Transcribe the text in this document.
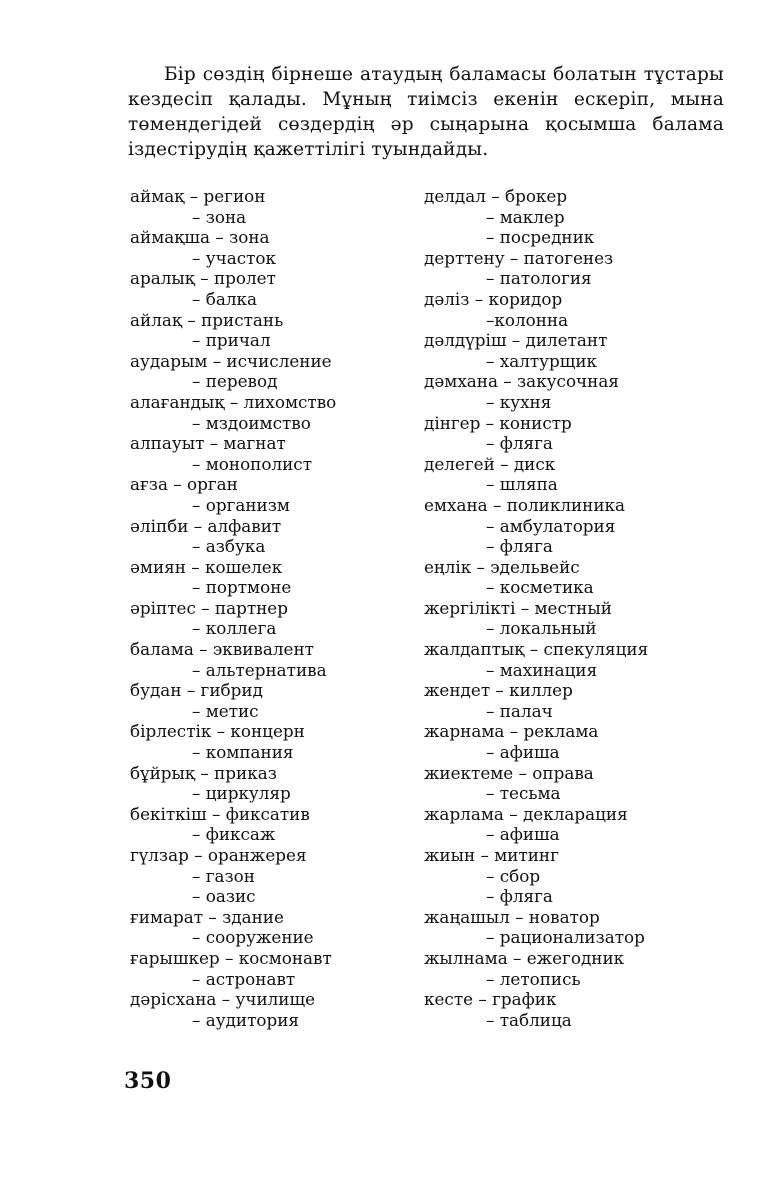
Бір сөздің бірнеше атаудың баламасы болатын тұстары кездесіп қалады. Мұның тиімсіз екенін ескеріп, мына төмендегідей сөздердің әр сыңарына қосымша балама іздестірудің қажеттілігі туындайды.

аймақ – регион
– зона
аймақша – зона
– участок
аралық – пролет
– балка
айлақ – пристань
– причал
аударым – исчисление
– перевод
алағандық – лихомство
– мздоимство
алпауыт – магнат
– монополист
ағза – орган
– организм
әліпби – алфавит
– азбука
әмиян – кошелек
– портмоне
әріптес – партнер
– коллега
балама – эквивалент
– альтернатива
будан – гибрид
– метис
бірлестік – концерн
– компания
бұйрық – приказ
– циркуляр
бекіткіш – фиксатив
– фиксаж
гүлзар – оранжерея
– газон
– оазис
ғимарат – здание
– сооружение
ғарышкер – космонавт
– астронавт
дәрісхана – училище
– аудитория
делдал – брокер
– маклер
– посредник
дерттену – патогенез
– патология
дәліз – коридор
–колонна
дәлдүріш – дилетант
– халтурщик
дәмхана – закусочная
– кухня
дінгер – конистр
– фляга
делегей – диск
– шляпа
емхана – поликлиника
– амбулатория
– фляга
еңлік – эдельвейс
– косметика
жергілікті – местный
– локальный
жалдаптық – спекуляция
– махинация
жендет – киллер
– палач
жарнама – реклама
– афиша
жиектеме – оправа
– тесьма
жарлама – декларация
– афиша
жиын – митинг
– сбор
– фляга
жаңашыл – новатор
– рационализатор
жылнама – ежегодник
– летопись
кесте – график
– таблица
350
